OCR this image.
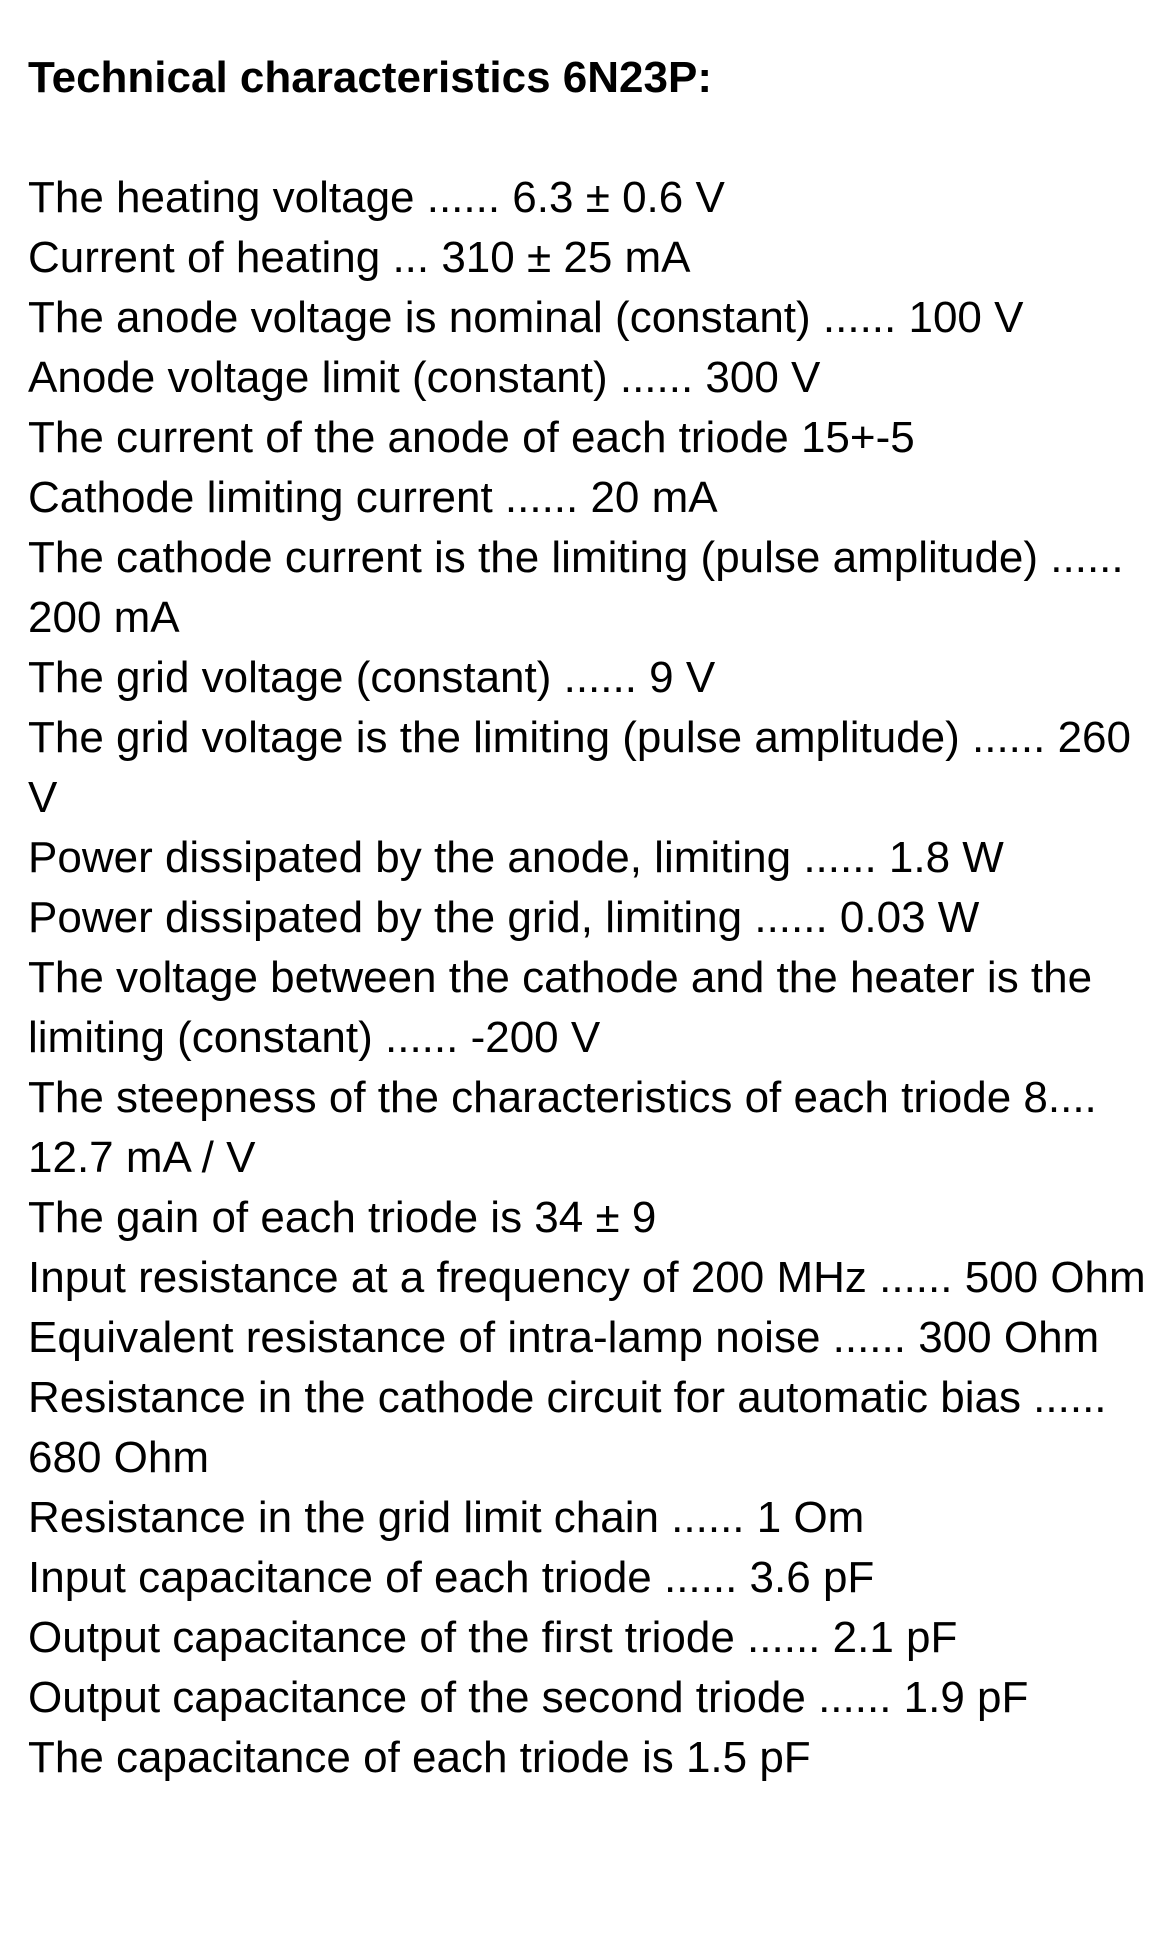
Technical characteristics 6N23P:
The heating voltage ...... 6.3 ± 0.6 V
Current of heating ... 310 ± 25 mA
The anode voltage is nominal (constant) ...... 100 V
Anode voltage limit (constant) ...... 300 V
The current of the anode of each triode 15+-5
Cathode limiting current ...... 20 mA
The cathode current is the limiting (pulse amplitude) ...... 200 mA
The grid voltage (constant) ...... 9 V
The grid voltage is the limiting (pulse amplitude) ...... 260 V
Power dissipated by the anode, limiting ...... 1.8 W
Power dissipated by the grid, limiting ...... 0.03 W
The voltage between the cathode and the heater is the limiting (constant) ...... -200 V
The steepness of the characteristics of each triode 8.... 12.7 mA / V
The gain of each triode is 34 ± 9
Input resistance at a frequency of 200 MHz ...... 500 Ohm
Equivalent resistance of intra-lamp noise ...... 300 Ohm
Resistance in the cathode circuit for automatic bias ...... 680 Ohm
Resistance in the grid limit chain ...... 1 Om
Input capacitance of each triode ...... 3.6 pF
Output capacitance of the first triode ...... 2.1 pF
Output capacitance of the second triode ...... 1.9 pF
The capacitance of each triode is 1.5 pF
